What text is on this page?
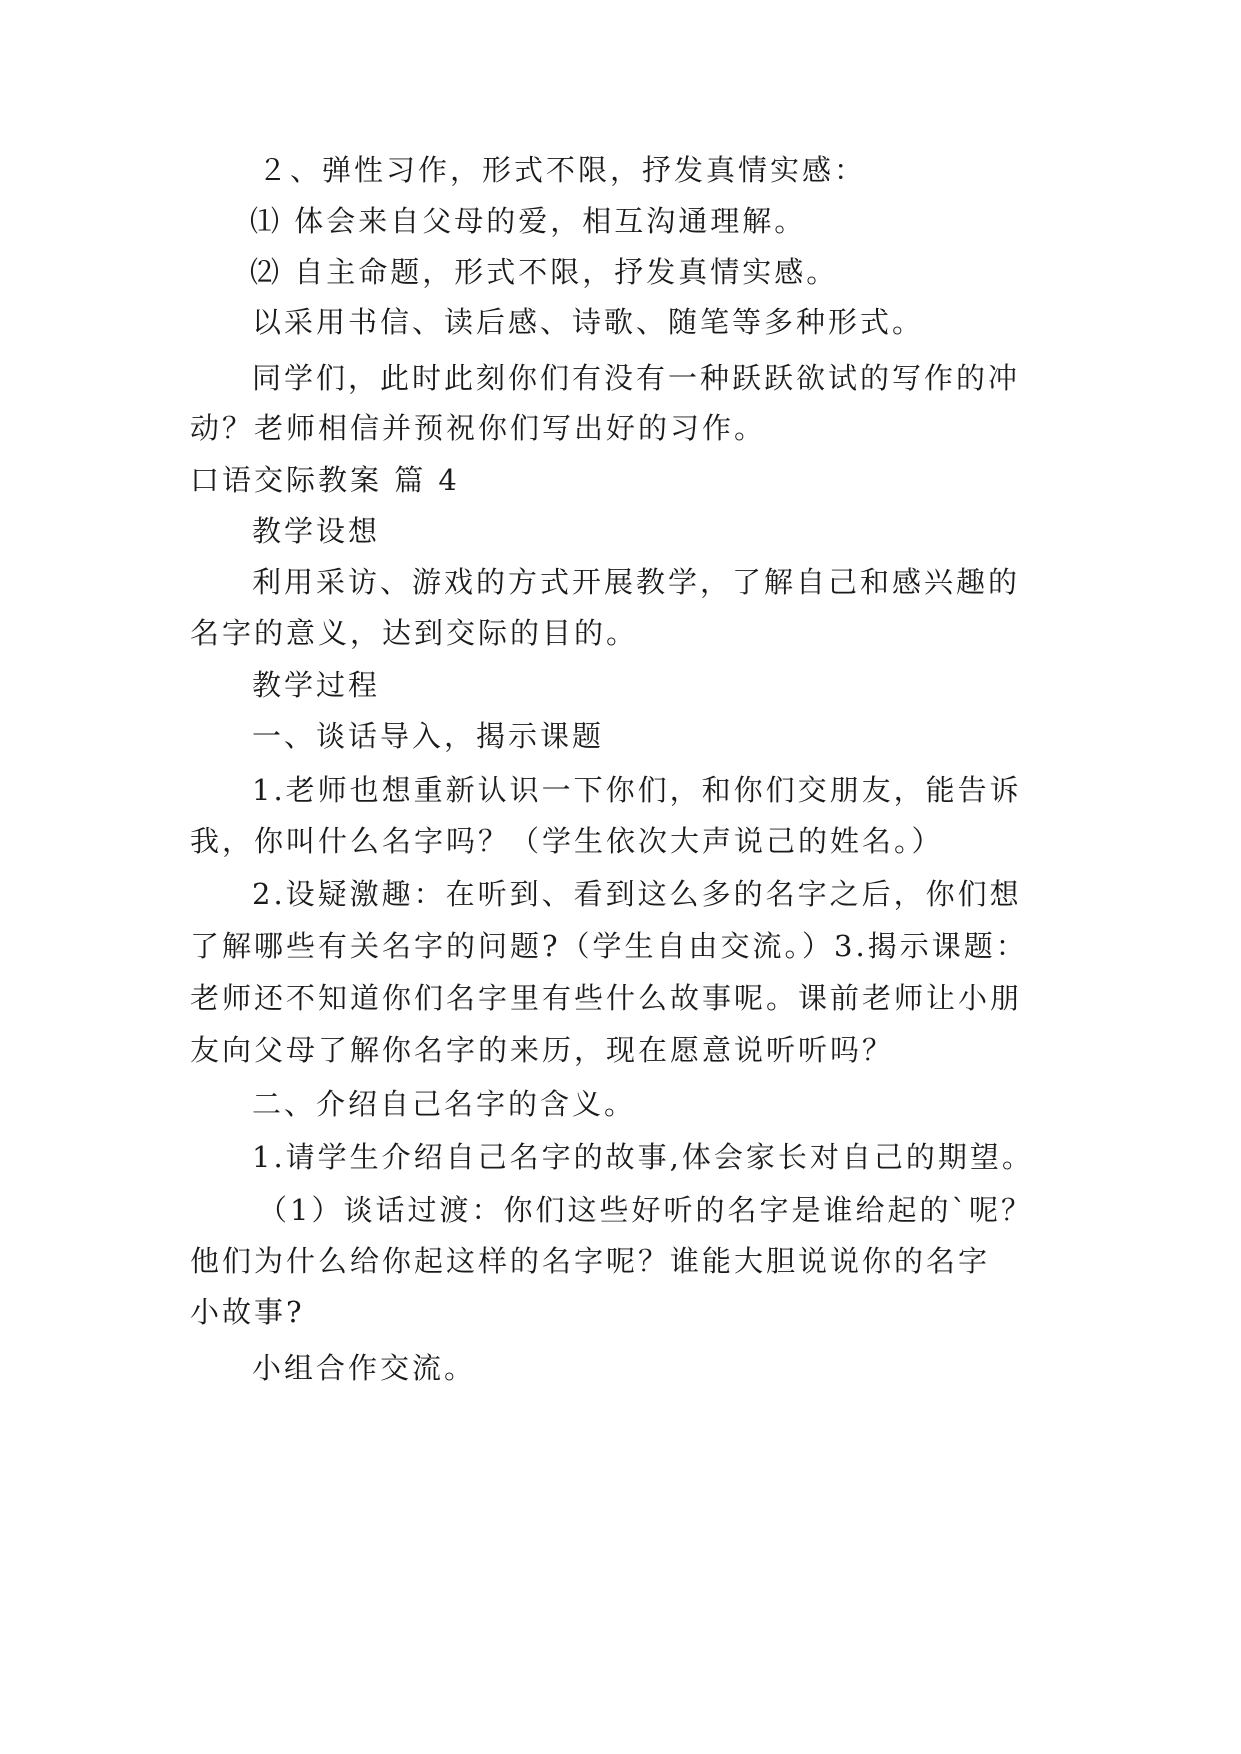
２、弹性习作，形式不限，抒发真情实感：
⑴ 体会来自父母的爱，相互沟通理解。
⑵ 自主命题，形式不限，抒发真情实感。
以采用书信、读后感、诗歌、随笔等多种形式。
同学们，此时此刻你们有没有一种跃跃欲试的写作的冲
动？老师相信并预祝你们写出好的习作。
口语交际教案 篇 4
教学设想
利用采访、游戏的方式开展教学，了解自己和感兴趣的
名字的意义，达到交际的目的。
教学过程
一、谈话导入，揭示课题
1.老师也想重新认识一下你们，和你们交朋友，能告诉
我，你叫什么名字吗？（学生依次大声说己的姓名。）
2.设疑激趣：在听到、看到这么多的名字之后，你们想
了解哪些有关名字的问题?（学生自由交流。）3.揭示课题：
老师还不知道你们名字里有些什么故事呢。课前老师让小朋
友向父母了解你名字的来历，现在愿意说听听吗？
二、介绍自己名字的含义。
1.请学生介绍自己名字的故事,体会家长对自己的期望。
（1）谈话过渡：你们这些好听的名字是谁给起的`呢？
他们为什么给你起这样的名字呢？谁能大胆说说你的名字
小故事?
小组合作交流。
